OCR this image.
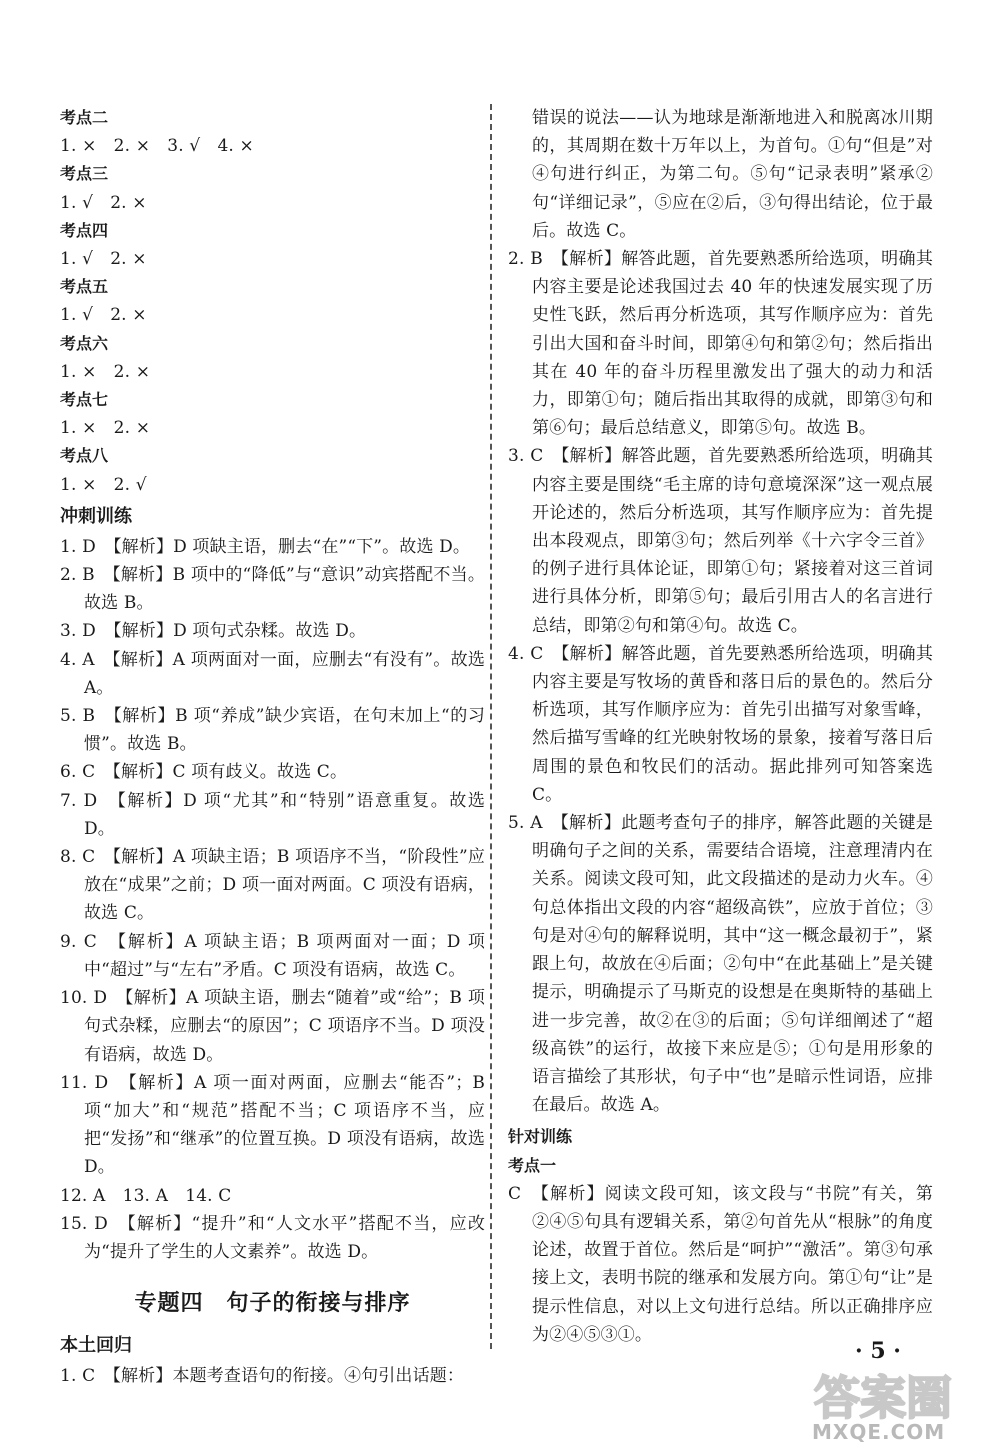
考点二

1. ×　2. ×　3. √　4. ×

考点三

1. √　2. ×

考点四

1. √　2. ×

考点五

1. √　2. ×

考点六

1. ×　2. ×

考点七

1. ×　2. ×

考点八

1. ×　2. √

冲刺训练

1. D　【解析】D 项缺主语，删去“在”“下”。故选 D。

2. B　【解析】B 项中的“降低”与“意识”动宾搭配不当。故选 B。

3. D　【解析】D 项句式杂糅。故选 D。

4. A　【解析】A 项两面对一面，应删去“有没有”。故选 A。

5. B　【解析】B 项“养成”缺少宾语，在句末加上“的习惯”。故选 B。

6. C　【解析】C 项有歧义。故选 C。

7. D　【解析】D 项“尤其”和“特别”语意重复。故选 D。

8. C　【解析】A 项缺主语；B 项语序不当，“阶段性”应放在“成果”之前；D 项一面对两面。C 项没有语病，故选 C。

9. C　【解析】A 项缺主语；B 项两面对一面；D 项中“超过”与“左右”矛盾。C 项没有语病，故选 C。

10. D　【解析】A 项缺主语，删去“随着”或“给”；B 项句式杂糅，应删去“的原因”；C 项语序不当。D 项没有语病，故选 D。

11. D　【解析】A 项一面对两面，应删去“能否”；B 项“加大”和“规范”搭配不当；C 项语序不当，应把“发扬”和“继承”的位置互换。D 项没有语病，故选 D。

12. A　13. A　14. C

15. D　【解析】“提升”和“人文水平”搭配不当，应改为“提升了学生的人文素养”。故选 D。

专题四　句子的衔接与排序

本土回归

1. C　【解析】本题考查语句的衔接。④句引出话题：

错误的说法——认为地球是渐渐地进入和脱离冰川期的，其周期在数十万年以上，为首句。①句“但是”对④句进行纠正，为第二句。⑤句“记录表明”紧承②句“详细记录”，⑤应在②后，③句得出结论，位于最后。故选 C。

2. B　【解析】解答此题，首先要熟悉所给选项，明确其内容主要是论述我国过去 40 年的快速发展实现了历史性飞跃，然后再分析选项，其写作顺序应为：首先引出大国和奋斗时间，即第④句和第②句；然后指出其在 40 年的奋斗历程里激发出了强大的动力和活力，即第①句；随后指出其取得的成就，即第③句和第⑥句；最后总结意义，即第⑤句。故选 B。

3. C　【解析】解答此题，首先要熟悉所给选项，明确其内容主要是围绕“毛主席的诗句意境深深”这一观点展开论述的，然后分析选项，其写作顺序应为：首先提出本段观点，即第③句；然后列举《十六字令三首》的例子进行具体论证，即第①句；紧接着对这三首词进行具体分析，即第⑤句；最后引用古人的名言进行总结，即第②句和第④句。故选 C。

4. C　【解析】解答此题，首先要熟悉所给选项，明确其内容主要是写牧场的黄昏和落日后的景色的。然后分析选项，其写作顺序应为：首先引出描写对象雪峰，然后描写雪峰的红光映射牧场的景象，接着写落日后周围的景色和牧民们的活动。据此排列可知答案选 C。

5. A　【解析】此题考查句子的排序，解答此题的关键是明确句子之间的关系，需要结合语境，注意理清内在关系。阅读文段可知，此文段描述的是动力火车。④句总体指出文段的内容“超级高铁”，应放于首位；③句是对④句的解释说明，其中“这一概念最初于”，紧跟上句，故放在④后面；②句中“在此基础上”是关键提示，明确提示了马斯克的设想是在奥斯特的基础上进一步完善，故②在③的后面；⑤句详细阐述了“超级高铁”的运行，故接下来应是⑤；①句是用形象的语言描绘了其形状，句子中“也”是暗示性词语，应排在最后。故选 A。

针对训练

考点一

C　【解析】阅读文段可知，该文段与“书院”有关，第②④⑤句具有逻辑关系，第②句首先从“根脉”的角度论述，故置于首位。然后是“呵护”“激活”。第③句承接上文，表明书院的继承和发展方向。第①句“让”是提示性信息，对以上文句进行总结。所以正确排序应为②④⑤③①。

· 5 ·
答案圈
MXQE.COM
